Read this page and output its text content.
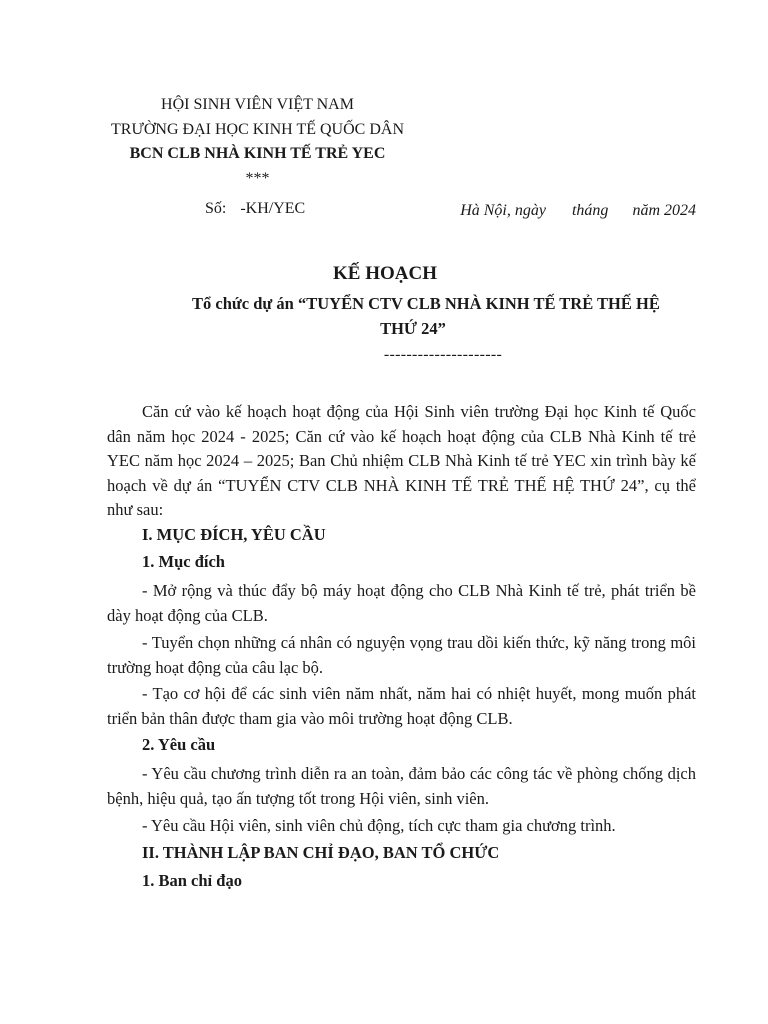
HỘI SINH VIÊN VIỆT NAM
TRƯỜNG ĐẠI HỌC KINH TẾ QUỐC DÂN
BCN CLB NHÀ KINH TẾ TRẺ YEC
***
Số: -KH/YEC	Hà Nội, ngày tháng năm 2024
KẾ HOẠCH
Tổ chức dự án “TUYỂN CTV CLB NHÀ KINH TẾ TRẺ THẾ HỆ
THỨ 24”
---------------------
Căn cứ vào kế hoạch hoạt động của Hội Sinh viên trường Đại học Kinh tế Quốc dân năm học 2024 - 2025; Căn cứ vào kế hoạch hoạt động của CLB Nhà Kinh tế trẻ YEC năm học 2024 – 2025; Ban Chủ nhiệm CLB Nhà Kinh tế trẻ YEC xin trình bày kế hoạch về dự án “TUYỂN CTV CLB NHÀ KINH TẾ TRẺ THẾ HỆ THỨ 24”, cụ thể như sau:
I. MỤC ĐÍCH, YÊU CẦU
1. Mục đích
- Mở rộng và thúc đẩy bộ máy hoạt động cho CLB Nhà Kinh tế trẻ, phát triển bề dày hoạt động của CLB.
- Tuyển chọn những cá nhân có nguyện vọng trau dồi kiến thức, kỹ năng trong môi trường hoạt động của câu lạc bộ.
- Tạo cơ hội để các sinh viên năm nhất, năm hai có nhiệt huyết, mong muốn phát triển bản thân được tham gia vào môi trường hoạt động CLB.
2. Yêu cầu
- Yêu cầu chương trình diễn ra an toàn, đảm bảo các công tác về phòng chống dịch bệnh, hiệu quả, tạo ấn tượng tốt trong Hội viên, sinh viên.
- Yêu cầu Hội viên, sinh viên chủ động, tích cực tham gia chương trình.
II. THÀNH LẬP BAN CHỈ ĐẠO, BAN TỔ CHỨC
1. Ban chỉ đạo
